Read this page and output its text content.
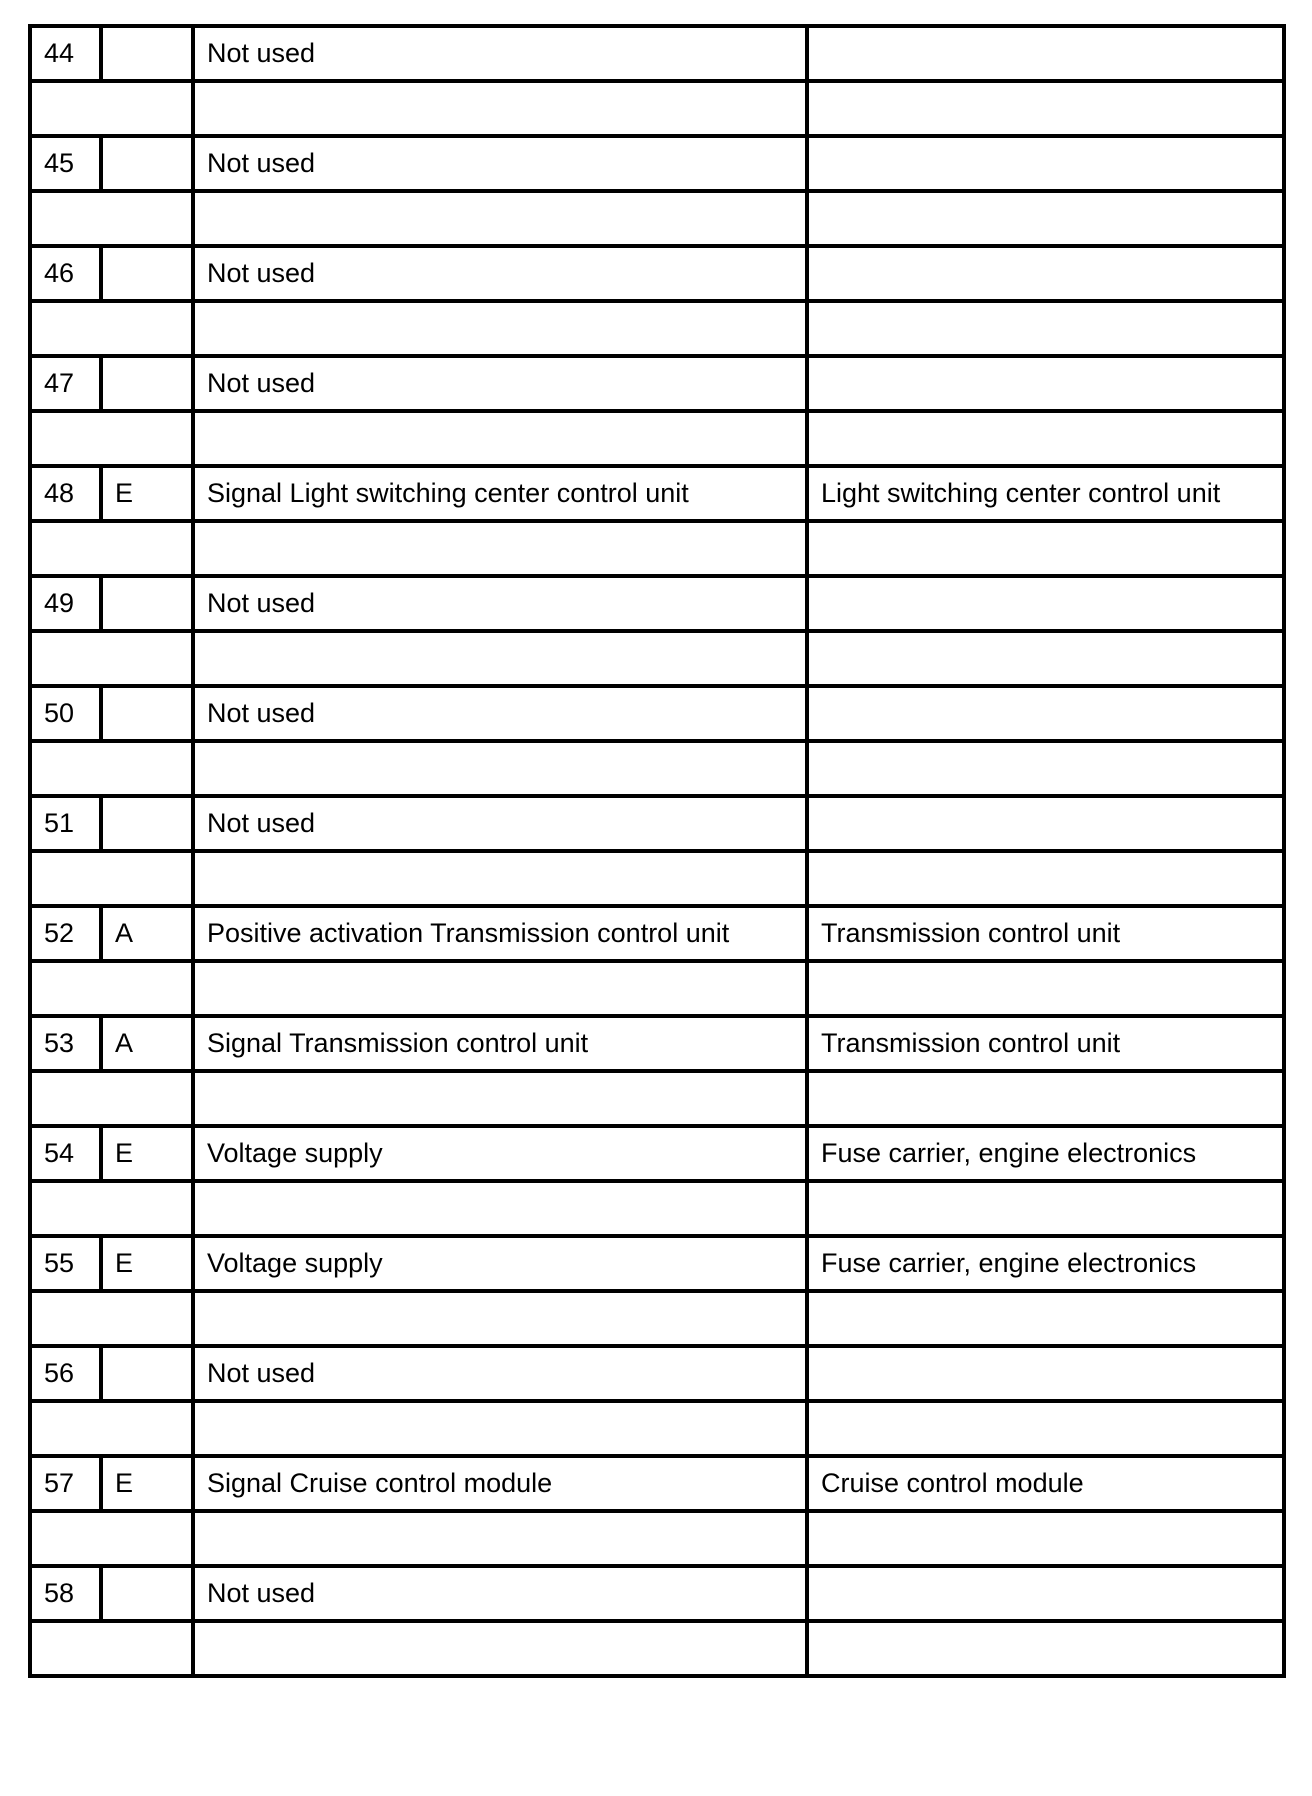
44		Not used	

45		Not used	

46		Not used	

47		Not used	

48	E	Signal Light switching center control unit	Light switching center control unit

49		Not used	

50		Not used	

51		Not used	

52	A	Positive activation Transmission control unit	Transmission control unit

53	A	Signal Transmission control unit	Transmission control unit

54	E	Voltage supply	Fuse carrier, engine electronics

55	E	Voltage supply	Fuse carrier, engine electronics

56		Not used	

57	E	Signal Cruise control module	Cruise control module

58		Not used	
